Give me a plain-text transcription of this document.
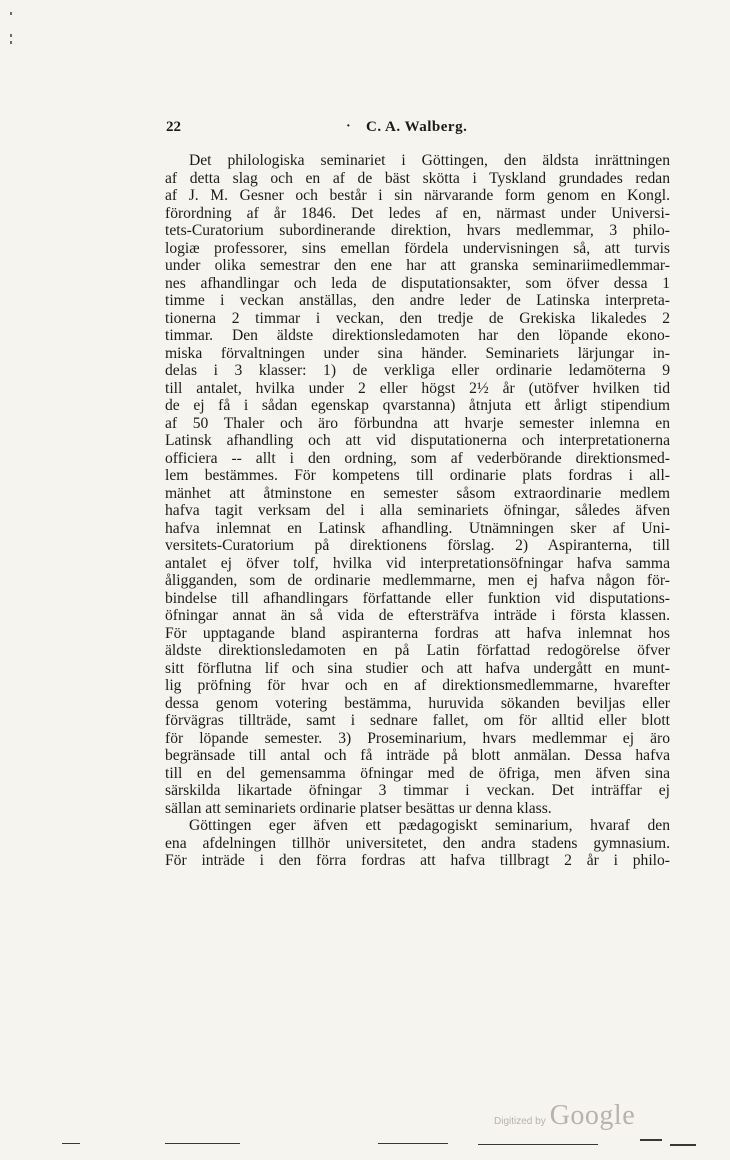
22	· C. A. Walberg.
Det philologiska seminariet i Göttingen, den äldsta inrättningen
af detta slag och en af de bäst skötta i Tyskland grundades redan
af J. M. Gesner och består i sin närvarande form genom en Kongl.
förordning af år 1846. Det ledes af en, närmast under Universi-
tets-Curatorium subordinerande direktion, hvars medlemmar, 3 philo-
logiæ professorer, sins emellan fördela undervisningen så, att turvis
under olika semestrar den ene har att granska seminariimedlemmar-
nes afhandlingar och leda de disputationsakter, som öfver dessa 1
timme i veckan anställas, den andre leder de Latinska interpreta-
tionerna 2 timmar i veckan, den tredje de Grekiska likaledes 2
timmar. Den äldste direktionsledamoten har den löpande ekono-
miska förvaltningen under sina händer. Seminariets lärjungar in-
delas i 3 klasser: 1) de verkliga eller ordinarie ledamöterna 9
till antalet, hvilka under 2 eller högst 2½ år (utöfver hvilken tid
de ej få i sådan egenskap qvarstanna) åtnjuta ett årligt stipendium
af 50 Thaler och äro förbundna att hvarje semester inlemna en
Latinsk afhandling och att vid disputationerna och interpretationerna
officiera -- allt i den ordning, som af vederbörande direktionsmed-
lem bestämmes. För kompetens till ordinarie plats fordras i all-
mänhet att åtminstone en semester såsom extraordinarie medlem
hafva tagit verksam del i alla seminariets öfningar, således äfven
hafva inlemnat en Latinsk afhandling. Utnämningen sker af Uni-
versitets-Curatorium på direktionens förslag. 2) Aspiranterna, till
antalet ej öfver tolf, hvilka vid interpretationsöfningar hafva samma
åligganden, som de ordinarie medlemmarne, men ej hafva någon för-
bindelse till afhandlingars författande eller funktion vid disputations-
öfningar annat än så vida de eftersträfva inträde i första klassen.
För upptagande bland aspiranterna fordras att hafva inlemnat hos
äldste direktionsledamoten en på Latin författad redogörelse öfver
sitt förflutna lif och sina studier och att hafva undergått en munt-
lig pröfning för hvar och en af direktionsmedlemmarne, hvarefter
dessa genom votering bestämma, huruvida sökanden beviljas eller
förvägras tillträde, samt i sednare fallet, om för alltid eller blott
för löpande semester. 3) Proseminarium, hvars medlemmar ej äro
begränsade till antal och få inträde på blott anmälan. Dessa hafva
till en del gemensamma öfningar med de öfriga, men äfven sina
särskilda likartade öfningar 3 timmar i veckan. Det inträffar ej
sällan att seminariets ordinarie platser besättas ur denna klass.
Göttingen eger äfven ett pædagogiskt seminarium, hvaraf den
ena afdelningen tillhör universitetet, den andra stadens gymnasium.
För inträde i den förra fordras att hafva tillbragt 2 år i philo-
Digitized by Google
